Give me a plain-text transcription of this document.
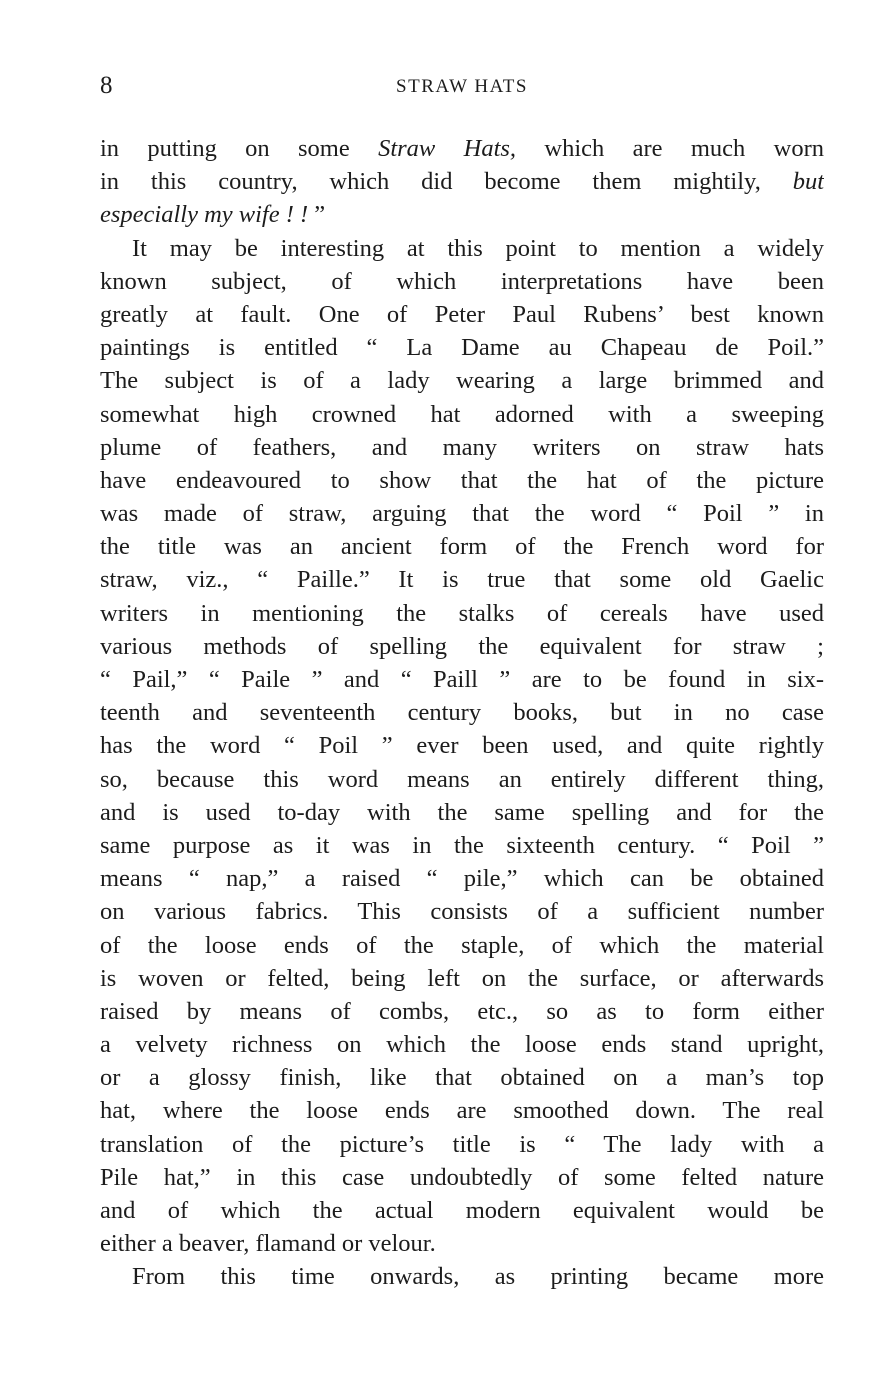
8	STRAW HATS
in putting on some Straw Hats, which are much worn
in this country, which did become them mightily, but
especially my wife ! ! ”
It may be interesting at this point to mention a widely
known subject, of which interpretations have been
greatly at fault. One of Peter Paul Rubens’ best known
paintings is entitled “ La Dame au Chapeau de Poil.”
The subject is of a lady wearing a large brimmed and
somewhat high crowned hat adorned with a sweeping
plume of feathers, and many writers on straw hats
have endeavoured to show that the hat of the picture
was made of straw, arguing that the word “ Poil ” in
the title was an ancient form of the French word for
straw, viz., “ Paille.” It is true that some old Gaelic
writers in mentioning the stalks of cereals have used
various methods of spelling the equivalent for straw ;
“ Pail,” “ Paile ” and “ Paill ” are to be found in six-
teenth and seventeenth century books, but in no case
has the word “ Poil ” ever been used, and quite rightly
so, because this word means an entirely different thing,
and is used to-day with the same spelling and for the
same purpose as it was in the sixteenth century. “ Poil ”
means “ nap,” a raised “ pile,” which can be obtained
on various fabrics. This consists of a sufficient number
of the loose ends of the staple, of which the material
is woven or felted, being left on the surface, or afterwards
raised by means of combs, etc., so as to form either
a velvety richness on which the loose ends stand upright,
or a glossy finish, like that obtained on a man’s top
hat, where the loose ends are smoothed down. The real
translation of the picture’s title is “ The lady with a
Pile hat,” in this case undoubtedly of some felted nature
and of which the actual modern equivalent would be
either a beaver, flamand or velour.
From this time onwards, as printing became more
